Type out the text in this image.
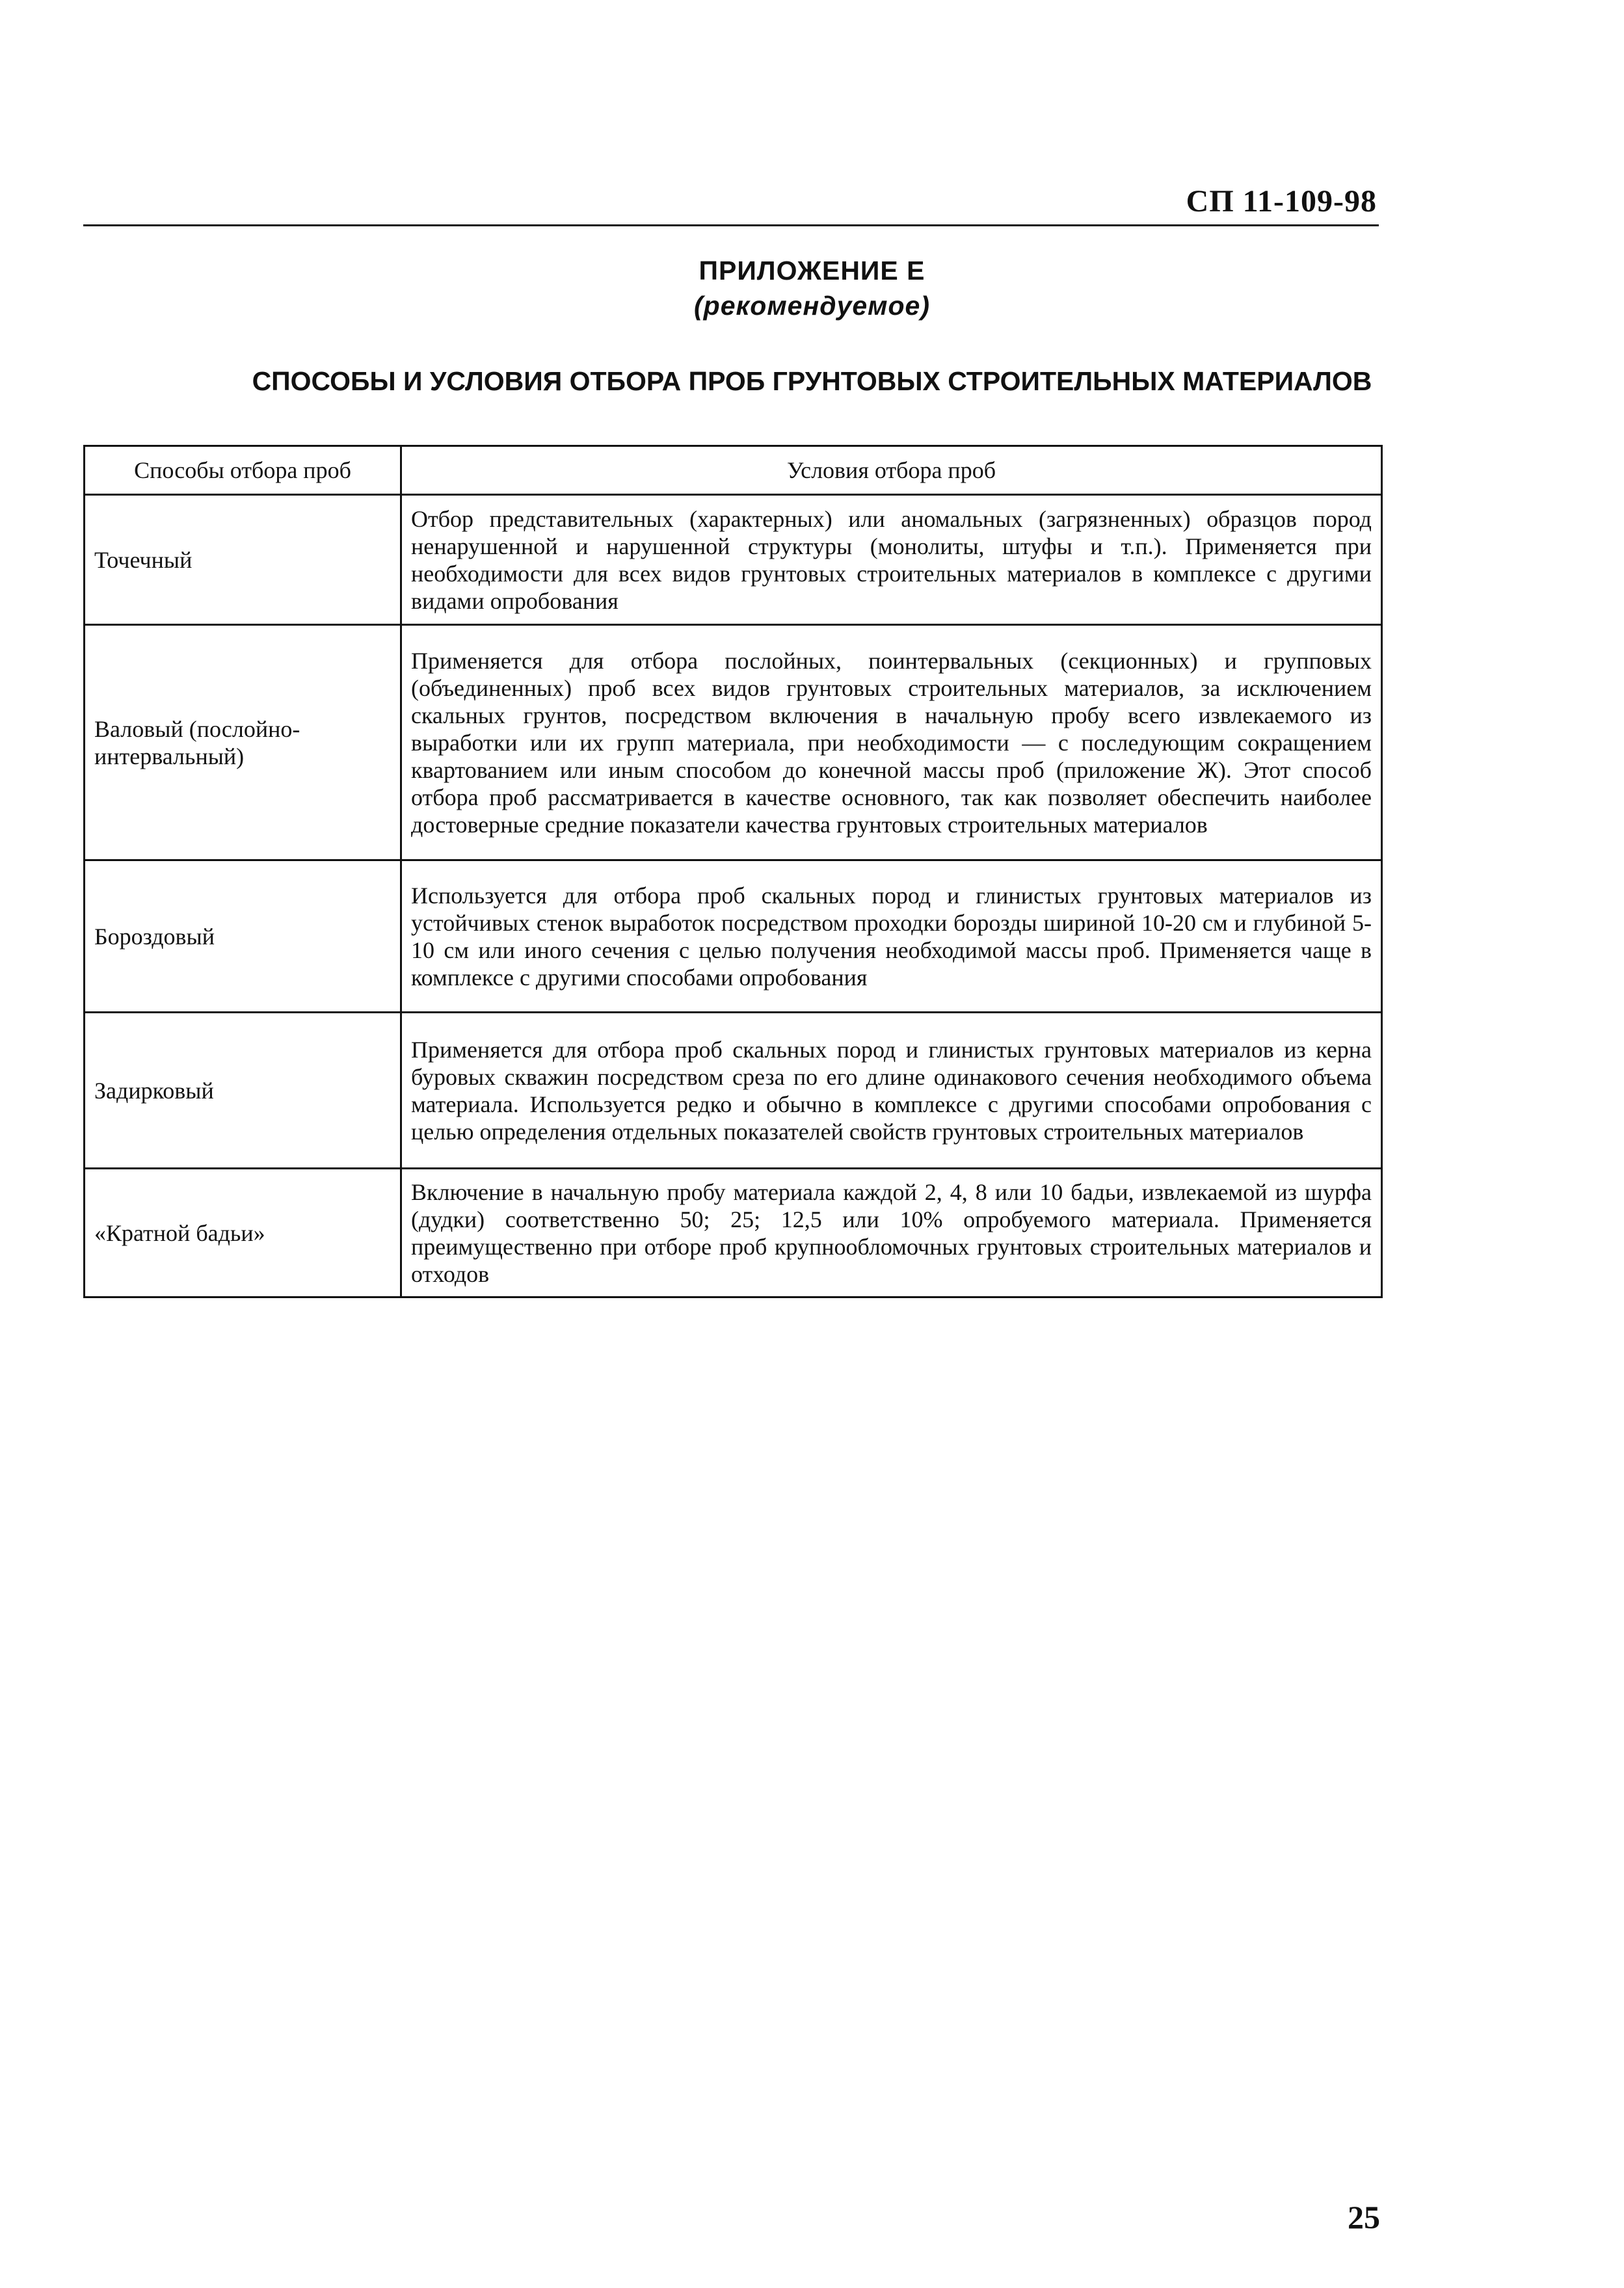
СП 11-109-98
ПРИЛОЖЕНИЕ Е
(рекомендуемое)
СПОСОБЫ И УСЛОВИЯ ОТБОРА ПРОБ ГРУНТОВЫХ СТРОИТЕЛЬНЫХ МАТЕРИАЛОВ
Способы отбора проб	Условия отбора проб
Точечный	Отбор представительных (характерных) или аномальных (загрязненных) образцов пород ненарушенной и нарушенной структуры (монолиты, штуфы и т.п.). Применяется при необходимости для всех видов грунтовых строительных материалов в комплексе с другими видами опробования
Валовый (послойно-интервальный)	Применяется для отбора послойных, поинтервальных (секционных) и групповых (объединенных) проб всех видов грунтовых строительных материалов, за исключением скальных грунтов, посредством включения в начальную пробу всего извлекаемого из выработки или их групп материала, при необходимости — с последующим сокращением квартованием или иным способом до конечной массы проб (приложение Ж). Этот способ отбора проб рассматривается в качестве основного, так как позволяет обеспечить наиболее достоверные средние показатели качества грунтовых строительных материалов
Бороздовый	Используется для отбора проб скальных пород и глинистых грунтовых материалов из устойчивых стенок выработок посредством проходки борозды шириной 10-20 см и глубиной 5-10 см или иного сечения с целью получения необходимой массы проб. Применяется чаще в комплексе с другими способами опробования
Задирковый	Применяется для отбора проб скальных пород и глинистых грунтовых материалов из керна буровых скважин посредством среза по его длине одинакового сечения необходимого объема материала. Используется редко и обычно в комплексе с другими способами опробования с целью определения отдельных показателей свойств грунтовых строительных материалов
«Кратной бадьи»	Включение в начальную пробу материала каждой 2, 4, 8 или 10 бадьи, извлекаемой из шурфа (дудки) соответственно 50; 25; 12,5 или 10% опробуемого материала. Применяется преимущественно при отборе проб крупнообломочных грунтовых строительных материалов и отходов
25
